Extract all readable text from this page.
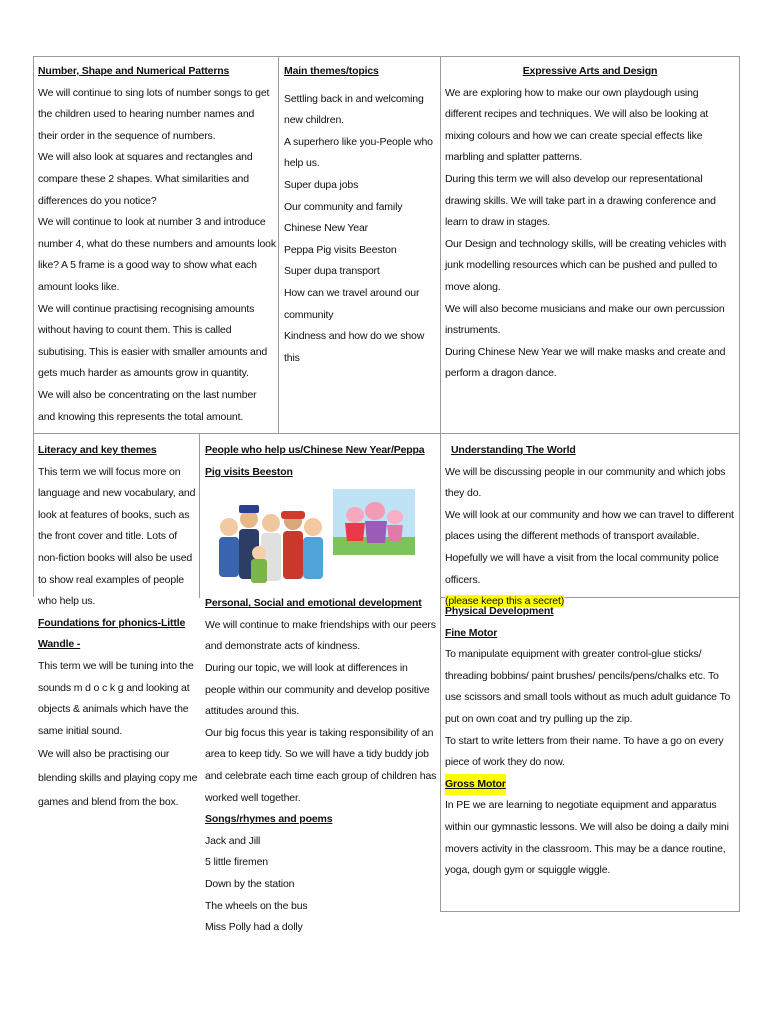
Number, Shape and Numerical Patterns

We will continue to sing lots of number songs to get the children used to hearing number names and their order in the sequence of numbers.

We will also look at squares and rectangles and compare these 2 shapes. What similarities and differences do you notice?

We will continue to look at number 3 and introduce number 4, what do these numbers and amounts look like? A 5 frame is a good way to show what each amount looks like.

We will continue practising recognising amounts without having to count them. This is called subutising. This is easier with smaller amounts and gets much harder as amounts grow in quantity.

We will also be concentrating on the last number and knowing this represents the total amount.

Main themes/topics

Settling back in and welcoming new children.

A superhero like you-People who help us.

Super dupa jobs

Our community and family

Chinese New Year

Peppa Pig visits Beeston

Super dupa transport

How can we travel around our community

Kindness and how do we show this

Expressive Arts and Design

We are exploring how to make our own playdough using different recipes and techniques. We will also be looking at mixing colours and how we can create special effects like marbling and splatter patterns.

During this term we will also develop our representational drawing skills. We will take part in a drawing conference and learn to draw in stages.

Our Design and technology skills, will be creating vehicles with junk modelling resources which can be pushed and pulled to move along.

We will also become musicians and make our own percussion instruments.

During Chinese New Year we will make masks and create and perform a dragon dance.

Literacy and key themes

This term we will focus more on language and new vocabulary, and look at features of books, such as the front cover and title. Lots of non-fiction books will also be used to show real examples of people who help us.

Foundations for phonics-Little Wandle -

This term we will be tuning into the sounds m d o c k g and looking at objects & animals which have the same initial sound.

We will also be practising our blending skills and playing copy me games and blend from the box.

People who help us/Chinese New Year/Peppa Pig visits Beeston
Personal, Social and emotional development

We will continue to make friendships with our peers and demonstrate acts of kindness.

During our topic, we will look at differences in people within our community and develop positive attitudes around this.

Our big focus this year is taking responsibility of an area to keep tidy. So we will have a tidy buddy job and celebrate each time each group of children has worked well together.

Songs/rhymes and poems

Jack and Jill

5 little firemen

Down by the station

The wheels on the bus

Miss Polly had a dolly

Understanding The World

We will be discussing people in our community and which jobs they do.

We will look at our community and how we can travel to different places using the different methods of transport available.

Hopefully we will have a visit from the local community police officers.

(please keep this a secret)

Physical Development
Fine Motor

To manipulate equipment with greater control-glue sticks/ threading bobbins/ paint brushes/ pencils/pens/chalks etc. To use scissors and small tools without as much adult guidance To put on own coat and try pulling up the zip.

To start to write letters from their name. To have a go on every piece of work they do now.

Gross Motor

In PE we are learning to negotiate equipment and apparatus within our gymnastic lessons. We will also be doing a daily mini movers activity in the classroom. This may be a dance routine, yoga, dough gym or squiggle wiggle.
